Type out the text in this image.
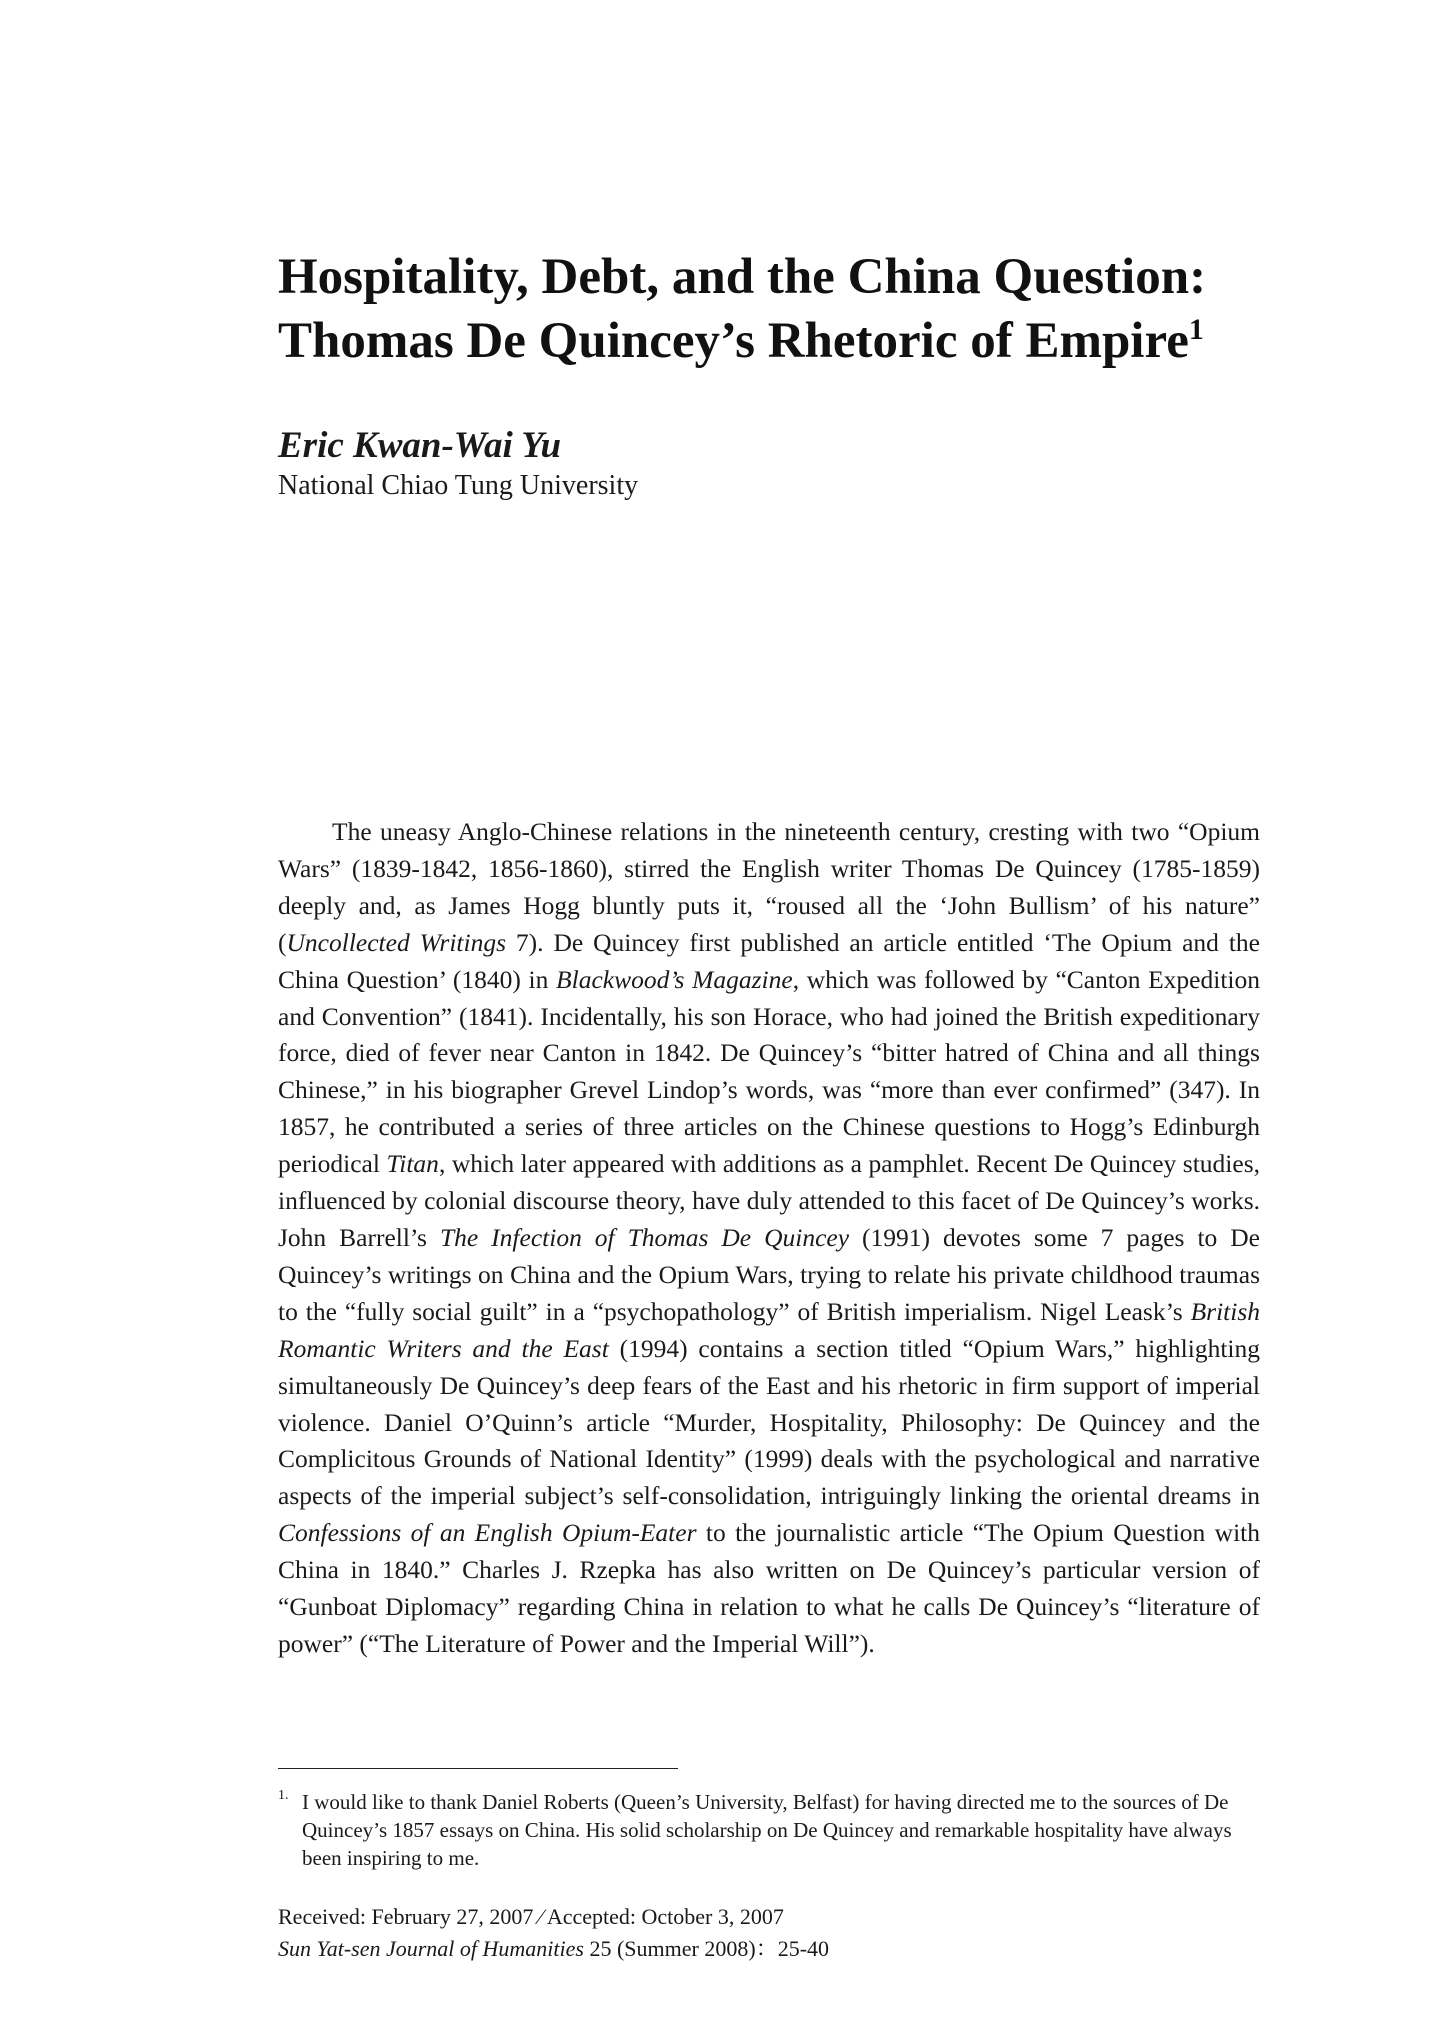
Hospitality, Debt, and the China Question:
Thomas De Quincey’s Rhetoric of Empire$^1$
Eric Kwan-Wai Yu
National Chiao Tung University

The uneasy Anglo-Chinese relations in the nineteenth century, cresting with two “Opium Wars” (1839-1842, 1856-1860), stirred the English writer Thomas De Quincey (1785-1859) deeply and, as James Hogg bluntly puts it, “roused all the ‘John Bullism’ of his nature” (Uncollected Writings 7). De Quincey first published an article entitled ‘The Opium and the China Question’ (1840) in Blackwood’s Magazine, which was followed by “Canton Expedition and Convention” (1841). Incidentally, his son Horace, who had joined the British expeditionary force, died of fever near Canton in 1842. De Quincey’s “bitter hatred of China and all things Chinese,” in his biographer Grevel Lindop’s words, was “more than ever confirmed” (347). In 1857, he contributed a series of three articles on the Chinese questions to Hogg’s Edinburgh periodical Titan, which later appeared with additions as a pamphlet. Recent De Quincey studies, influenced by colonial discourse theory, have duly attended to this facet of De Quincey’s works. John Barrell’s The Infection of Thomas De Quincey (1991) devotes some 7 pages to De Quincey’s writings on China and the Opium Wars, trying to relate his private childhood traumas to the “fully social guilt” in a “psychopathology” of British imperialism. Nigel Leask’s British Romantic Writers and the East (1994) contains a section titled “Opium Wars,” highlighting simultaneously De Quincey’s deep fears of the East and his rhetoric in firm support of imperial violence. Daniel O’Quinn’s article “Murder, Hospitality, Philosophy: De Quincey and the Complicitous Grounds of National Identity” (1999) deals with the psychological and narrative aspects of the imperial subject’s self-consolidation, intriguingly linking the oriental dreams in Confessions of an English Opium-Eater to the journalistic article “The Opium Question with China in 1840.” Charles J. Rzepka has also written on De Quincey’s particular version of “Gunboat Diplomacy” regarding China in relation to what he calls De Quincey’s “literature of power” (“The Literature of Power and the Imperial Will”).

1. I would like to thank Daniel Roberts (Queen’s University, Belfast) for having directed me to the sources of De Quincey’s 1857 essays on China. His solid scholarship on De Quincey and remarkable hospitality have always been inspiring to me.

Received: February 27, 2007 ∕ Accepted: October 3, 2007
Sun Yat-sen Journal of Humanities 25 (Summer 2008)：25-40
